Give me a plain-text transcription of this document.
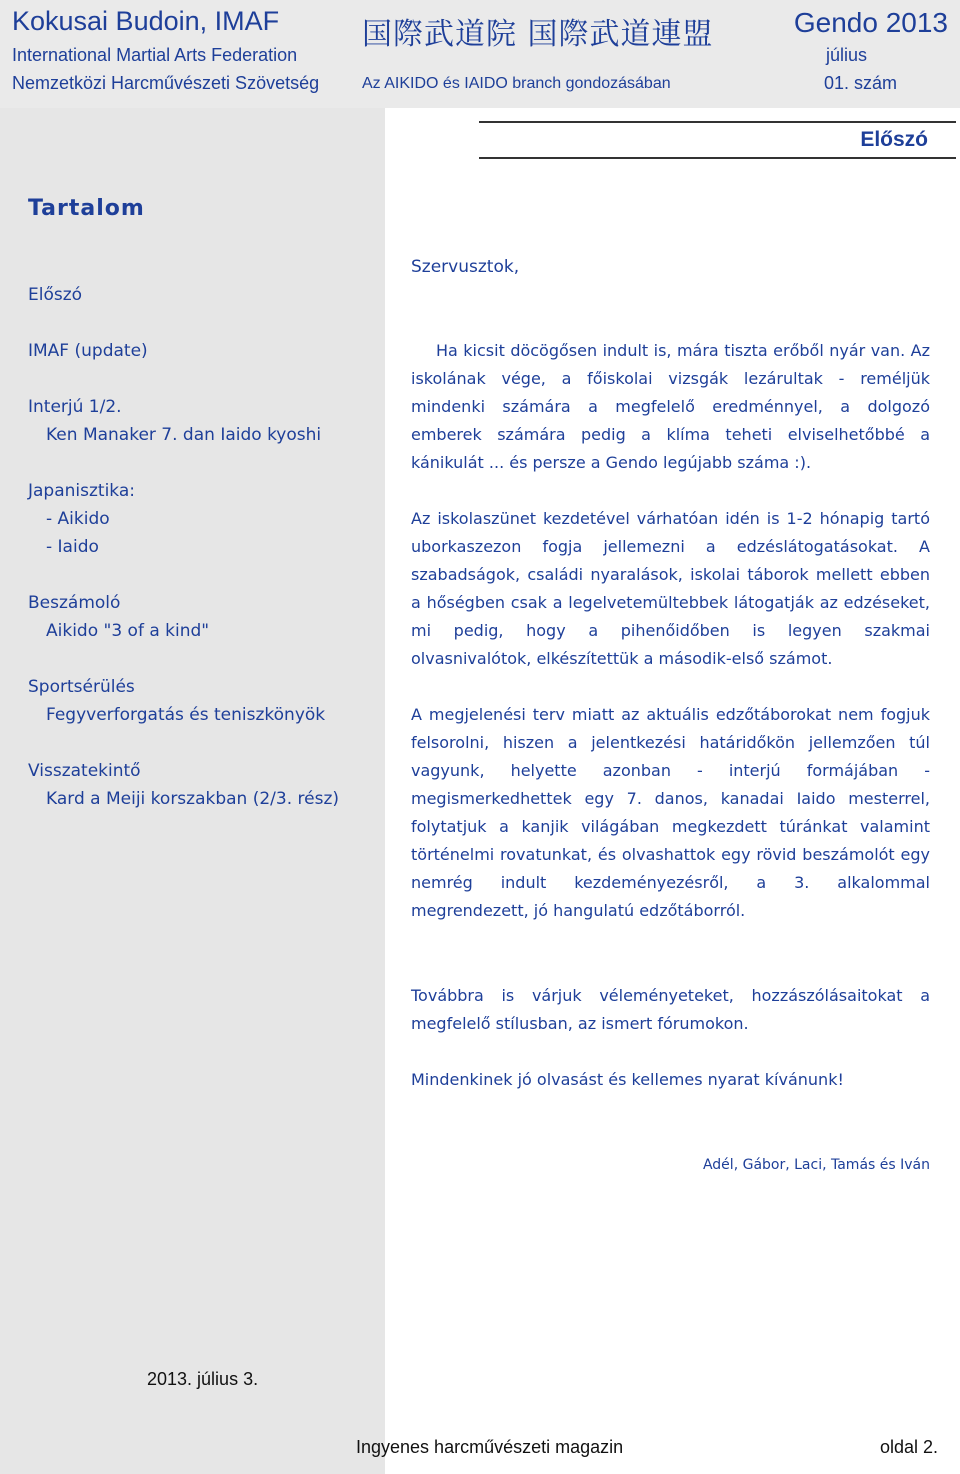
Kokusai Budoin, IMAF
International Martial Arts Federation
Nemzetközi Harcművészeti Szövetség
国際武道院 国際武道連盟
Az AIKIDO és IAIDO branch gondozásában
Gendo 2013
július
01. szám
Tartalom
Előszó
IMAF (update)
Interjú 1/2.
Ken Manaker 7. dan Iaido kyoshi
Japanisztika:
- Aikido
- Iaido
Beszámoló
Aikido "3 of a kind"
Sportsérülés
Fegyverforgatás és teniszkönyök
Visszatekintő
Kard a Meiji korszakban (2/3. rész)
2013. július 3.
Előszó
Szervusztok,
Ha kicsit döcögősen indult is, mára tiszta erőből nyár van. Az iskolának vége, a főiskolai vizsgák lezárultak - reméljük mindenki számára a megfelelő eredménnyel, a dolgozó emberek számára pedig a klíma teheti elviselhetőbbé a kánikulát ... és persze a Gendo legújabb száma :).
Az iskolaszünet kezdetével várhatóan idén is 1-2 hónapig tartó uborkaszezon fogja jellemezni a edzéslátogatásokat. A szabadságok, családi nyaralások, iskolai táborok mellett ebben a hőségben csak a legelvetemültebbek látogatják az edzéseket, mi pedig, hogy a pihenőidőben is legyen szakmai olvasnivalótok, elkészítettük a második-első számot.
A megjelenési terv miatt az aktuális edzőtáborokat nem fogjuk felsorolni, hiszen a jelentkezési határidőkön jellemzően túl vagyunk, helyette azonban - interjú formájában - megismerkedhettek egy 7. danos, kanadai Iaido mesterrel, folytatjuk a kanjik világában megkezdett túránkat valamint történelmi rovatunkat, és olvashattok egy rövid beszámolót egy nemrég indult kezdeményezésről, a 3. alkalommal megrendezett, jó hangulatú edzőtáborról.
Továbbra is várjuk véleményeteket, hozzászólásaitokat a megfelelő stílusban, az ismert fórumokon.
Mindenkinek jó olvasást és kellemes nyarat kívánunk!
Adél, Gábor, Laci, Tamás és Iván
Ingyenes harcművészeti magazin	oldal 2.
